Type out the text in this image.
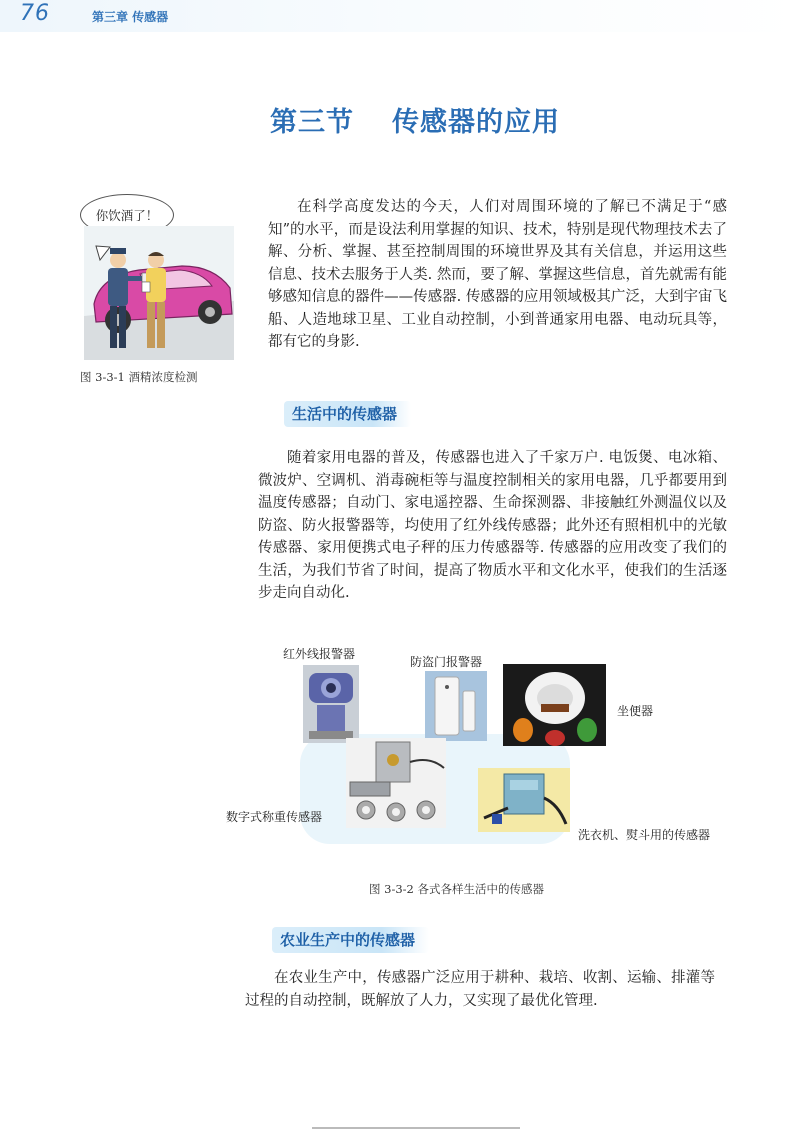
76	第三章 传感器
第三节 传感器的应用
你饮酒了！
图 3-3-1 酒精浓度检测

在科学高度发达的今天，人们对周围环境的了解已不满足于“感知”的水平，而是设法利用掌握的知识、技术，特别是现代物理技术去了解、分析、掌握、甚至控制周围的环境世界及其有关信息，并运用这些信息、技术去服务于人类. 然而，要了解、掌握这些信息，首先就需有能够感知信息的器件——传感器. 传感器的应用领域极其广泛，大到宇宙飞船、人造地球卫星、工业自动控制，小到普通家用电器、电动玩具等，都有它的身影.

生活中的传感器

随着家用电器的普及，传感器也进入了千家万户. 电饭煲、电冰箱、微波炉、空调机、消毒碗柜等与温度控制相关的家用电器，几乎都要用到温度传感器；自动门、家电遥控器、生命探测器、非接触红外测温仪以及防盗、防火报警器等，均使用了红外线传感器；此外还有照相机中的光敏传感器、家用便携式电子秤的压力传感器等. 传感器的应用改变了我们的生活，为我们节省了时间，提高了物质水平和文化水平，使我们的生活逐步走向自动化.

红外线报警器
防盗门报警器
坐便器
数字式称重传感器
洗衣机、熨斗用的传感器
图 3-3-2 各式各样生活中的传感器
农业生产中的传感器

在农业生产中，传感器广泛应用于耕种、栽培、收割、运输、排灌等过程的自动控制，既解放了人力，又实现了最优化管理.
